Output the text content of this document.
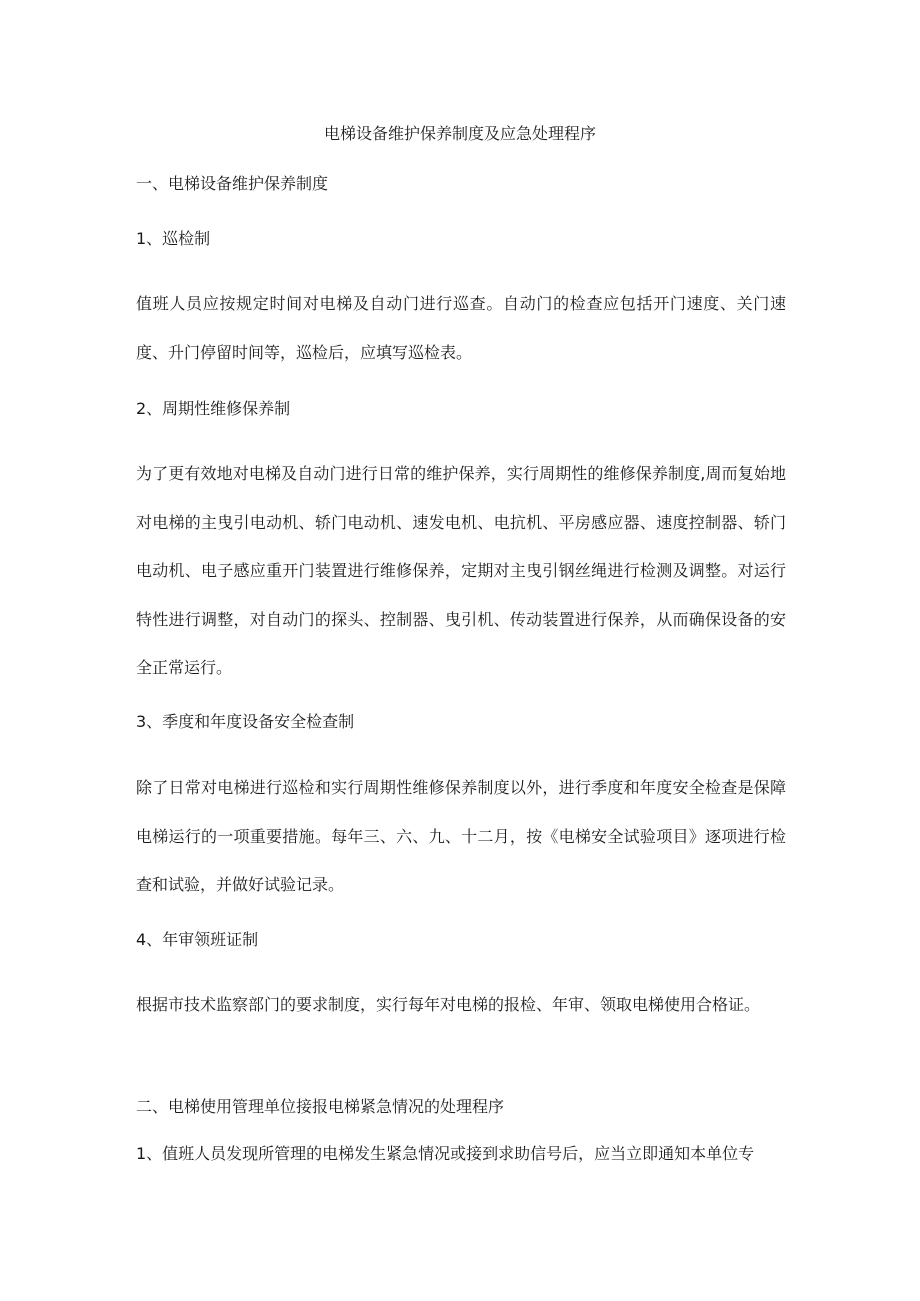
电梯设备维护保养制度及应急处理程序
一、电梯设备维护保养制度
1、巡检制
值班人员应按规定时间对电梯及自动门进行巡查。自动门的检查应包括开门速度、关门速度、升门停留时间等，巡检后，应填写巡检表。
2、周期性维修保养制
为了更有效地对电梯及自动门进行日常的维护保养，实行周期性的维修保养制度,周而复始地对电梯的主曳引电动机、轿门电动机、速发电机、电抗机、平房感应器、速度控制器、轿门电动机、电子感应重开门装置进行维修保养，定期对主曳引钢丝绳进行检测及调整。对运行特性进行调整，对自动门的探头、控制器、曳引机、传动装置进行保养，从而确保设备的安全正常运行。
3、季度和年度设备安全检查制
除了日常对电梯进行巡检和实行周期性维修保养制度以外，进行季度和年度安全检查是保障电梯运行的一项重要措施。每年三、六、九、十二月，按《电梯安全试验项目》逐项进行检查和试验，并做好试验记录。
4、年审领班证制
根据市技术监察部门的要求制度，实行每年对电梯的报检、年审、领取电梯使用合格证。
二、电梯使用管理单位接报电梯紧急情况的处理程序
1、值班人员发现所管理的电梯发生紧急情况或接到求助信号后，应当立即通知本单位专
